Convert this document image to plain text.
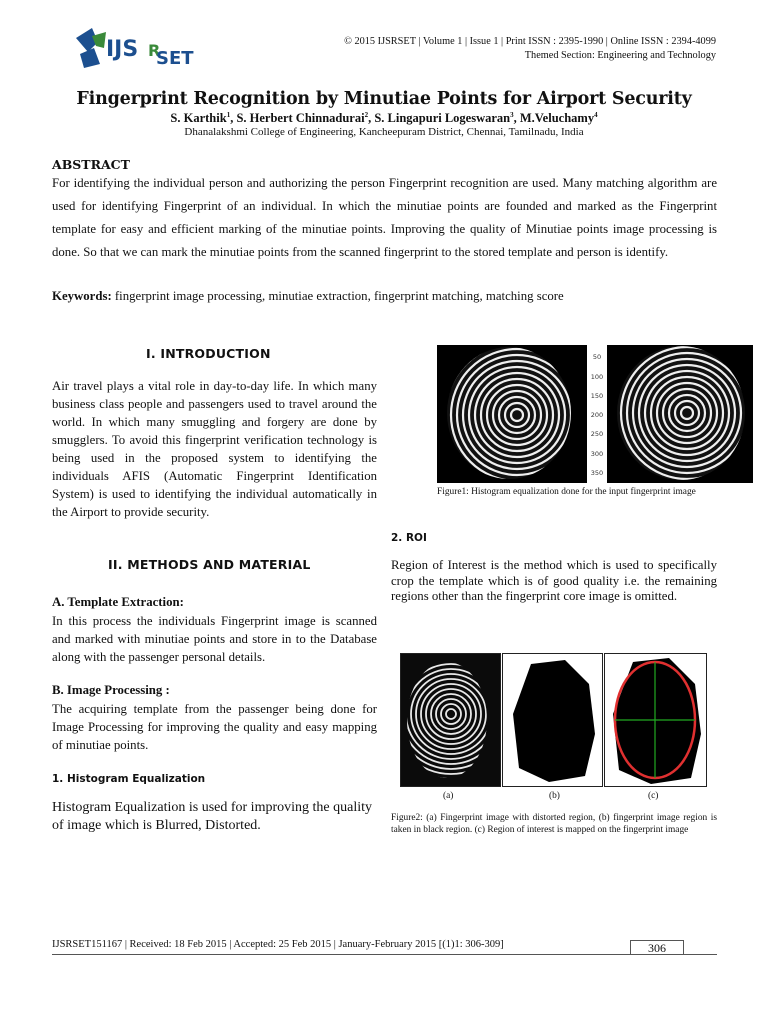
IJS R
SET
© 2015 IJSRSET | Volume 1 | Issue 1 | Print ISSN : 2395-1990 | Online ISSN : 2394-4099
Themed Section: Engineering and Technology
Fingerprint Recognition by Minutiae Points for Airport Security
S. Karthik$^1$, S. Herbert Chinnadurai$^2$, S. Lingapuri Logeswaran$^3$, M.Veluchamy$^4$
Dhanalakshmi College of Engineering, Kancheepuram District, Chennai, Tamilnadu, India
ABSTRACT
For identifying the individual person and authorizing the person Fingerprint recognition are used. Many matching algorithm are used for identifying Fingerprint of an individual. In which the minutiae points are founded and marked as the Fingerprint template for easy and efficient marking of the minutiae points. Improving the quality of Minutiae points image processing is done. So that we can mark the minutiae points from the scanned fingerprint to the stored template and person is identify.
Keywords: fingerprint image processing, minutiae extraction, fingerprint matching, matching score
I. INTRODUCTION
Air travel plays a vital role in day-to-day life. In which many business class people and passengers used to travel around the world. In which many smuggling and forgery are done by smugglers. To avoid this fingerprint verification technology is being used in the proposed system to identifying the individuals AFIS (Automatic Fingerprint Identification System) is used to identifying the individual automatically in the Airport to provide security.
II. METHODS AND MATERIAL
A. Template Extraction:
In this process the individuals Fingerprint image is scanned and marked with minutiae points and store in to the Database along with the passenger personal details.
B. Image Processing :
The acquiring template from the passenger being done for Image Processing for improving the quality and easy mapping of minutiae points.
1. Histogram Equalization
Histogram Equalization is used for improving the quality of image which is Blurred, Distorted.
50
100
150
200
250
300
350
Figure1: Histogram equalization done for the input fingerprint image
2. ROI
Region of Interest is the method which is used to specifically crop the template which is of good quality i.e. the remaining regions other than the fingerprint core image is omitted.
(a)	(b)	(c)
Figure2: (a) Fingerprint image with distorted region, (b) fingerprint image region is taken in black region. (c) Region of interest is mapped on the fingerprint image
IJSRSET151167 | Received: 18 Feb 2015 | Accepted: 25 Feb 2015 | January-February 2015 [(1)1: 306-309]	306
